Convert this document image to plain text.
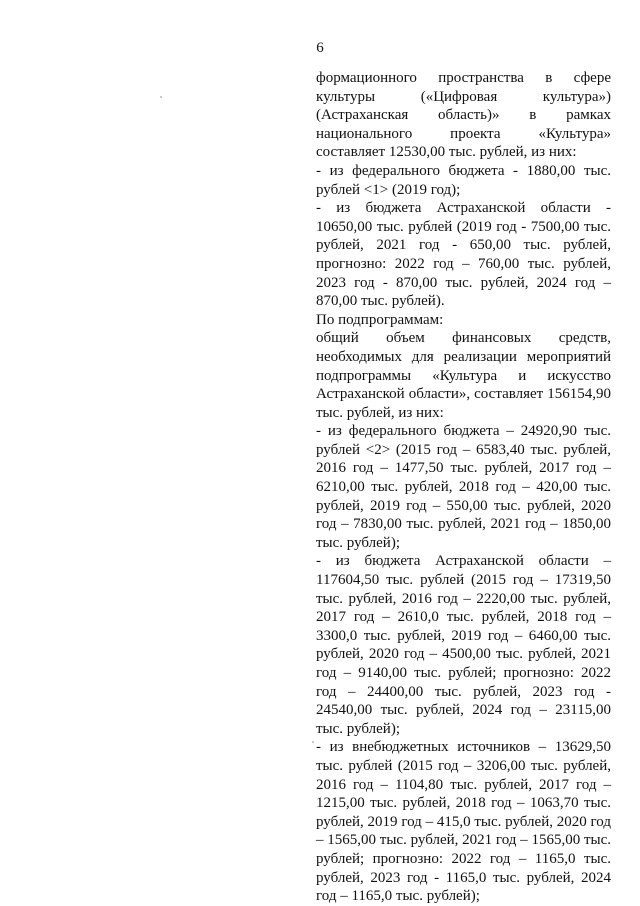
6

формационного пространства в сфере культуры («Цифровая культура») (Астраханская область)» в рамках национального проекта «Культура» составляет 12530,00 тыс. рублей, из них:

- из федерального бюджета - 1880,00 тыс. рублей <1> (2019 год);

- из бюджета Астраханской области - 10650,00 тыс. рублей (2019 год - 7500,00 тыс. рублей, 2021 год - 650,00 тыс. рублей, прогнозно: 2022 год – 760,00 тыс. рублей, 2023 год - 870,00 тыс. рублей, 2024 год – 870,00 тыс. рублей).

По подпрограммам:

общий объем финансовых средств, необходимых для реализации мероприятий подпрограммы «Культура и искусство Астраханской области», составляет 156154,90 тыс. рублей, из них:

- из федерального бюджета – 24920,90 тыс. рублей <2> (2015 год – 6583,40 тыс. рублей, 2016 год – 1477,50 тыс. рублей, 2017 год – 6210,00 тыс. рублей, 2018 год – 420,00 тыс. рублей, 2019 год – 550,00 тыс. рублей, 2020 год – 7830,00 тыс. рублей, 2021 год – 1850,00 тыс. рублей);

- из бюджета Астраханской области – 117604,50 тыс. рублей (2015 год – 17319,50 тыс. рублей, 2016 год – 2220,00 тыс. рублей, 2017 год – 2610,0 тыс. рублей, 2018 год – 3300,0 тыс. рублей, 2019 год – 6460,00 тыс. рублей, 2020 год – 4500,00 тыс. рублей, 2021 год – 9140,00 тыс. рублей; прогнозно: 2022 год – 24400,00 тыс. рублей, 2023 год - 24540,00 тыс. рублей, 2024 год – 23115,00 тыс. рублей);

- из внебюджетных источников – 13629,50 тыс. рублей (2015 год – 3206,00 тыс. рублей, 2016 год – 1104,80 тыс. рублей, 2017 год – 1215,00 тыс. рублей, 2018 год – 1063,70 тыс. рублей, 2019 год – 415,0 тыс. рублей, 2020 год – 1565,00 тыс. рублей, 2021 год – 1565,00 тыс. рублей; прогнозно: 2022 год – 1165,0 тыс. рублей, 2023 год - 1165,0 тыс. рублей, 2024 год – 1165,0 тыс. рублей);
